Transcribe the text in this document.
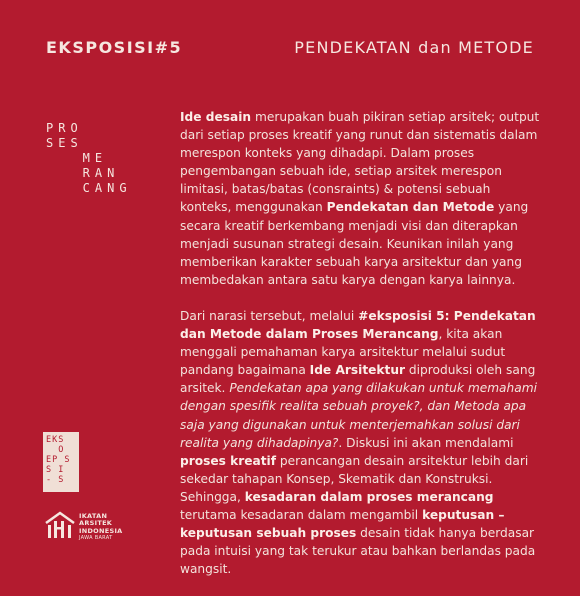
EKSPOSISI#5	PENDEKATAN dan METODE
PRO
SES
ME
RAN
CANG

Ide desain merupakan buah pikiran setiap arsitek; output dari setiap proses kreatif yang runut dan sistematis dalam merespon konteks yang dihadapi. Dalam proses pengembangan sebuah ide, setiap arsitek merespon limitasi, batas/batas (consraints) & potensi sebuah konteks, menggunakan Pendekatan dan Metode yang secara kreatif berkembang menjadi visi dan diterapkan menjadi susunan strategi desain. Keunikan inilah yang memberikan karakter sebuah karya arsitektur dan yang membedakan antara satu karya dengan karya lainnya.

Dari narasi tersebut, melalui #eksposisi 5: Pendekatan dan Metode dalam Proses Merancang, kita akan menggali pemahaman karya arsitektur melalui sudut pandang bagaimana Ide Arsitektur diproduksi oleh sang arsitek. Pendekatan apa yang dilakukan untuk memahami dengan spesifik realita sebuah proyek?, dan Metoda apa saja yang digunakan untuk menterjemahkan solusi dari realita yang dihadapinya?. Diskusi ini akan mendalami proses kreatif perancangan desain arsitektur lebih dari sekedar tahapan Konsep, Skematik dan Konstruksi. Sehingga, kesadaran dalam proses merancang terutama kesadaran dalam mengambil keputusan – keputusan sebuah proses desain tidak hanya berdasar pada intuisi yang tak terukur atau bahkan berlandas pada wangsit.

EKS
O
EP S
S I
- S
IKATAN
ARSITEK
INDONESIA
JAWA BARAT
